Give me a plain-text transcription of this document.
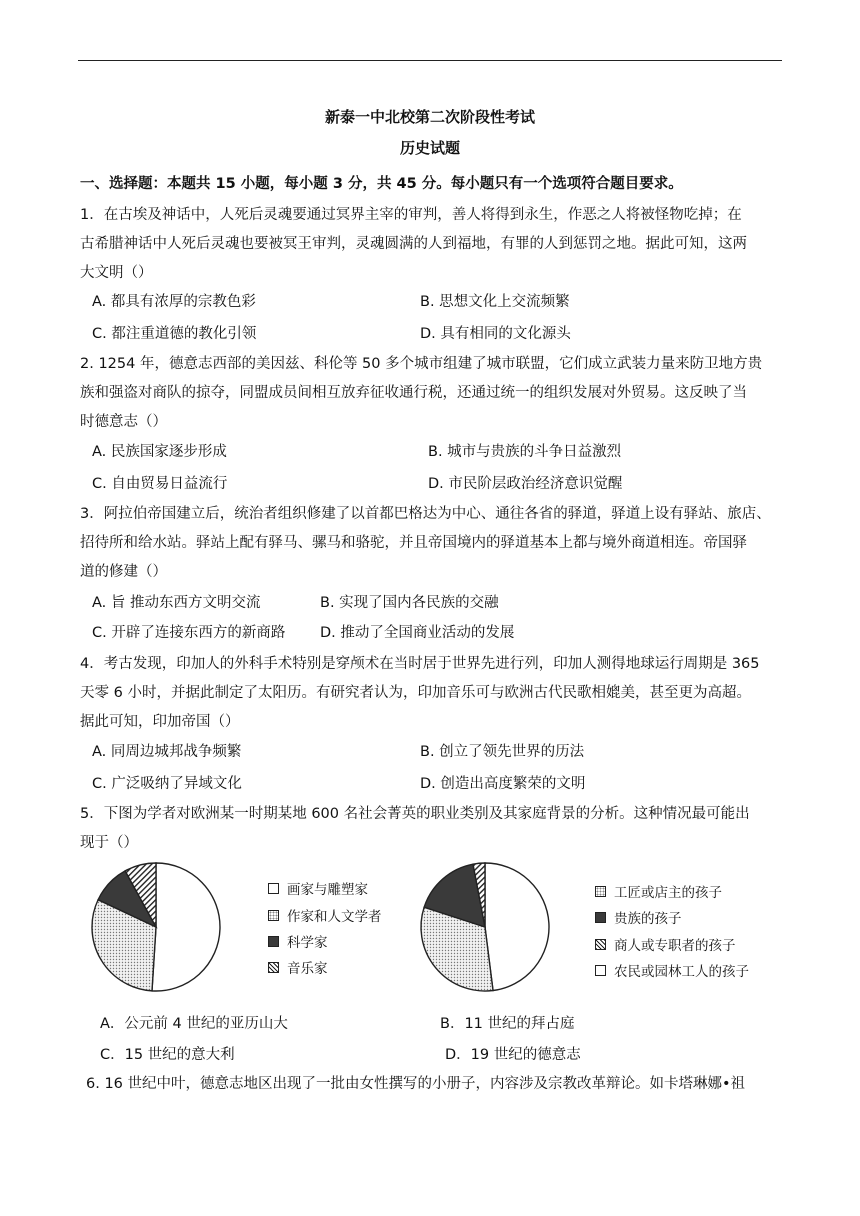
新泰一中北校第二次阶段性考试
历史试题
一、选择题：本题共 15 小题，每小题 3 分，共 45 分。每小题只有一个选项符合题目要求。
1．在古埃及神话中，人死后灵魂要通过冥界主宰的审判，善人将得到永生，作恶之人将被怪物吃掉；在
古希腊神话中人死后灵魂也要被冥王审判，灵魂圆满的人到福地，有罪的人到惩罚之地。据此可知，这两
大文明（）
A. 都具有浓厚的宗教色彩	B. 思想文化上交流频繁
C. 都注重道德的教化引领	D. 具有相同的文化源头
2. 1254 年，德意志西部的美因兹、科伦等 50 多个城市组建了城市联盟，它们成立武装力量来防卫地方贵
族和强盗对商队的掠夺，同盟成员间相互放弃征收通行税，还通过统一的组织发展对外贸易。这反映了当
时德意志（）
A. 民族国家逐步形成	B. 城市与贵族的斗争日益激烈
C. 自由贸易日益流行	D. 市民阶层政治经济意识觉醒
3．阿拉伯帝国建立后，统治者组织修建了以首都巴格达为中心、通往各省的驿道，驿道上设有驿站、旅店、
招待所和给水站。驿站上配有驿马、骡马和骆驼，并且帝国境内的驿道基本上都与境外商道相连。帝国驿
道的修建（）
A. 旨 推动东西方文明交流	B. 实现了国内各民族的交融
C. 开辟了连接东西方的新商路 D. 推动了全国商业活动的发展
4．考古发现，印加人的外科手术特别是穿颅术在当时居于世界先进行列，印加人测得地球运行周期是 365
天零 6 小时，并据此制定了太阳历。有研究者认为，印加音乐可与欧洲古代民歌相媲美，甚至更为高超。
据此可知，印加帝国（）
A. 同周边城邦战争频繁	B. 创立了领先世界的历法
C. 广泛吸纳了异域文化	D. 创造出高度繁荣的文明
5．下图为学者对欧洲某一时期某地 600 名社会菁英的职业类别及其家庭背景的分析。这种情况最可能出
现于（）
画家与雕塑家
作家和人文学者
科学家
音乐家
工匠或店主的孩子
贵族的孩子
商人或专职者的孩子
农民或园林工人的孩子
A．公元前 4 世纪的亚历山大	B．11 世纪的拜占庭
C．15 世纪的意大利	D．19 世纪的德意志
6. 16 世纪中叶，德意志地区出现了一批由女性撰写的小册子，内容涉及宗教改革辩论。如卡塔琳娜•祖
